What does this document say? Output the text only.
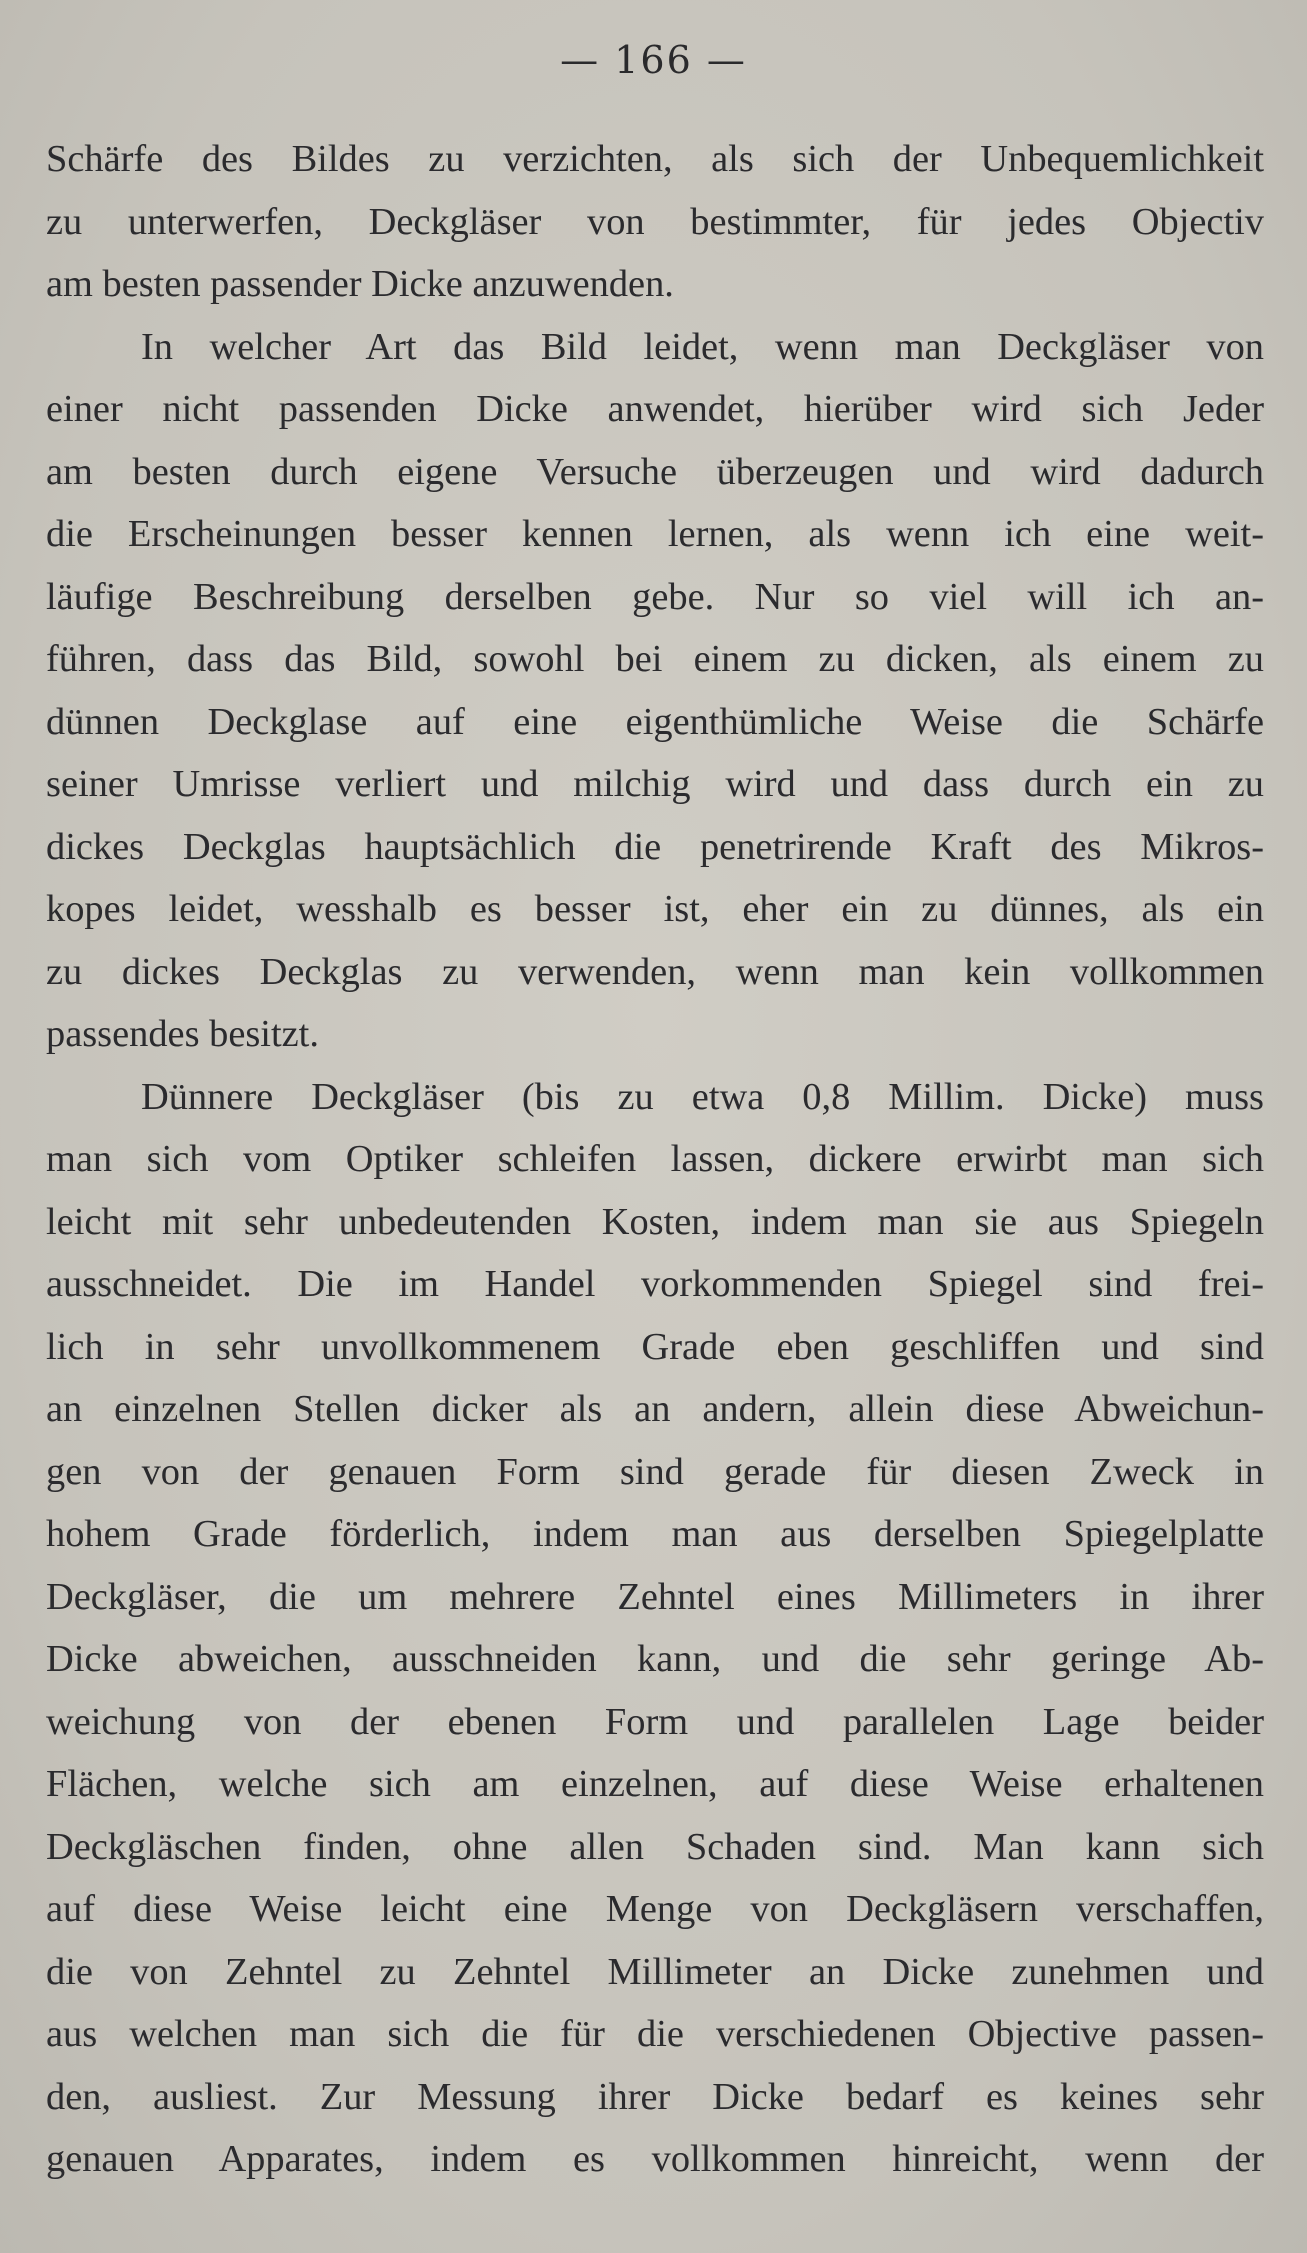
— 166 —
Schärfe des Bildes zu verzichten, als sich der Unbequemlichkeit
zu unterwerfen, Deckgläser von bestimmter, für jedes Objectiv
am besten passender Dicke anzuwenden.
In welcher Art das Bild leidet, wenn man Deckgläser von
einer nicht passenden Dicke anwendet, hierüber wird sich Jeder
am besten durch eigene Versuche überzeugen und wird dadurch
die Erscheinungen besser kennen lernen, als wenn ich eine weit-
läufige Beschreibung derselben gebe. Nur so viel will ich an-
führen, dass das Bild, sowohl bei einem zu dicken, als einem zu
dünnen Deckglase auf eine eigenthümliche Weise die Schärfe
seiner Umrisse verliert und milchig wird und dass durch ein zu
dickes Deckglas hauptsächlich die penetrirende Kraft des Mikros-
kopes leidet, wesshalb es besser ist, eher ein zu dünnes, als ein
zu dickes Deckglas zu verwenden, wenn man kein vollkommen
passendes besitzt.
Dünnere Deckgläser (bis zu etwa 0,8 Millim. Dicke) muss
man sich vom Optiker schleifen lassen, dickere erwirbt man sich
leicht mit sehr unbedeutenden Kosten, indem man sie aus Spiegeln
ausschneidet. Die im Handel vorkommenden Spiegel sind frei-
lich in sehr unvollkommenem Grade eben geschliffen und sind
an einzelnen Stellen dicker als an andern, allein diese Abweichun-
gen von der genauen Form sind gerade für diesen Zweck in
hohem Grade förderlich, indem man aus derselben Spiegelplatte
Deckgläser, die um mehrere Zehntel eines Millimeters in ihrer
Dicke abweichen, ausschneiden kann, und die sehr geringe Ab-
weichung von der ebenen Form und parallelen Lage beider
Flächen, welche sich am einzelnen, auf diese Weise erhaltenen
Deckgläschen finden, ohne allen Schaden sind. Man kann sich
auf diese Weise leicht eine Menge von Deckgläsern verschaffen,
die von Zehntel zu Zehntel Millimeter an Dicke zunehmen und
aus welchen man sich die für die verschiedenen Objective passen-
den, ausliest. Zur Messung ihrer Dicke bedarf es keines sehr
genauen Apparates, indem es vollkommen hinreicht, wenn der
